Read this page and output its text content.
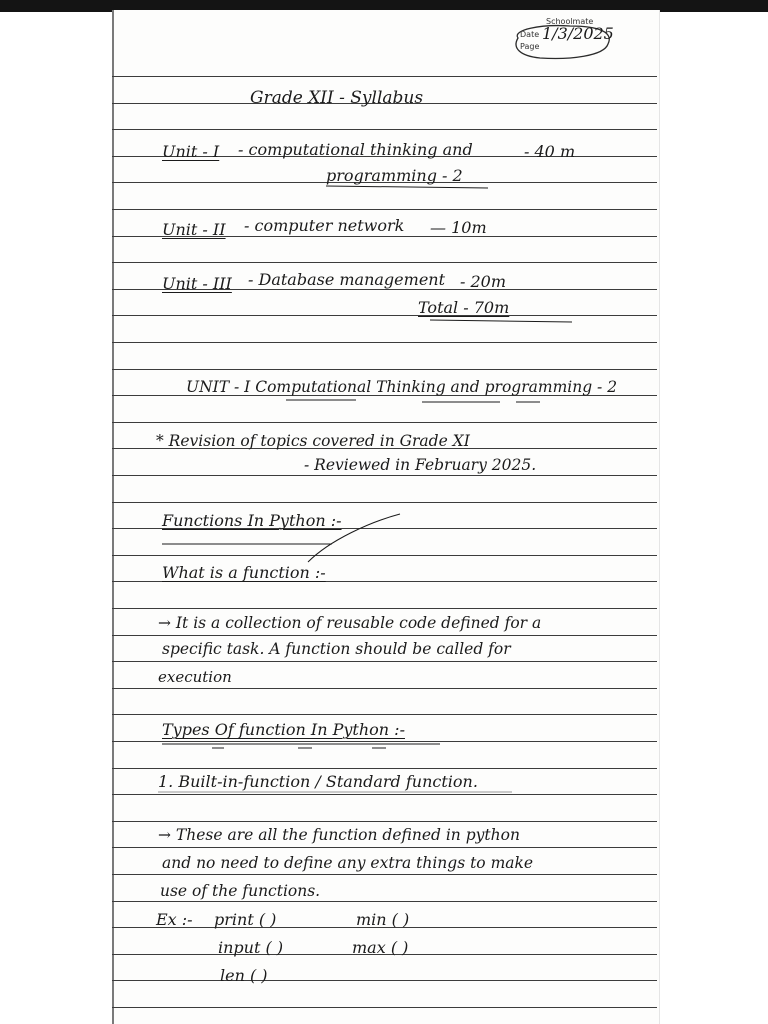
Schoolmate
Date
Page
1/3/2025
Grade XII - Syllabus
Unit - I - computational thinking and	- 40 m
programming - 2
Unit - II - computer network — 10m
Unit - III - Database management - 20m
Total - 70m
UNIT - I Computational Thinking and programming - 2
* Revision of topics covered in Grade XI
- Reviewed in February 2025.
Functions In Python :-
What is a function :-
→ It is a collection of reusable code defined for a
specific task. A function should be called for
execution
Types Of function In Python :-
1. Built-in-function / Standard function.
→ These are all the function defined in python
and no need to define any extra things to make
use of the functions.
Ex :- print ( )	min ( )
input ( )	max ( )
len ( )
